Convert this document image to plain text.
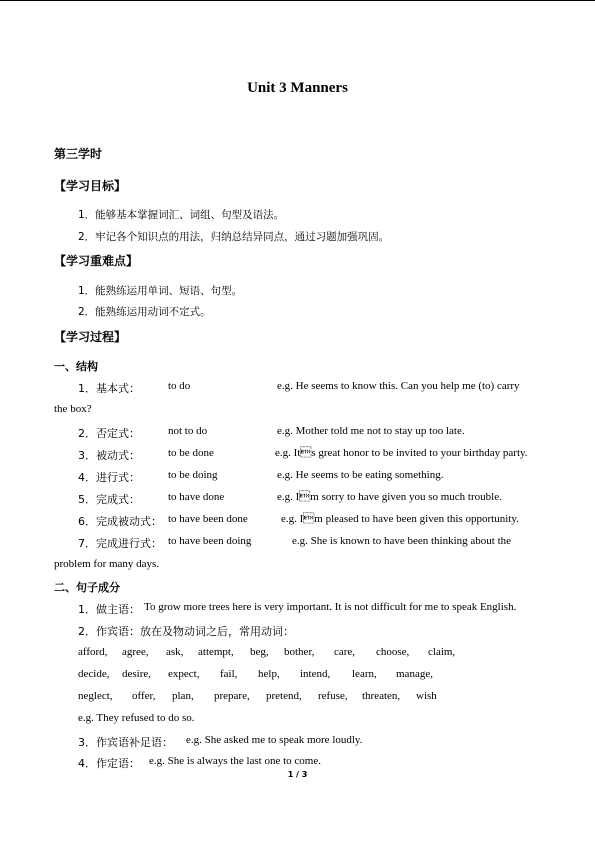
Unit 3 Manners
第三学时
【学习目标】
1．能够基本掌握词汇、词组、句型及语法。
2．牢记各个知识点的用法，归纳总结异同点，通过习题加强巩固。
【学习重难点】
1．能熟练运用单词、短语、句型。
2．能熟练运用动词不定式。
【学习过程】
一、结构
1．基本式：	to do	e.g. He seems to know this. Can you help me (to) carry
the box?
2．否定式：	not to do	e.g. Mother told me not to stay up too late.
3．被动式：	to be done	e.g. Its great honor to be invited to your birthday party.
4．进行式：	to be doing	e.g. He seems to be eating something.
5．完成式：	to have done	e.g. Im sorry to have given you so much trouble.
6．完成被动式： to have been done	e.g. Im pleased to have been given this opportunity.
7．完成进行式： to have been doing	e.g. She is known to have been thinking about the
problem for many days.
二、句子成分
1．做主语： To grow more trees here is very important. It is not difficult for me to speak English.
2．作宾语：放在及物动词之后，常用动词：
afford, agree, ask, attempt, beg, bother, care, choose, claim,
decide, desire, expect, fail, help, intend, learn, manage,
neglect, offer, plan, prepare, pretend, refuse, threaten, wish
e.g. They refused to do so.
3．作宾语补足语： e.g. She asked me to speak more loudly.
4．作定语： e.g. She is always the last one to come.
1 / 3
